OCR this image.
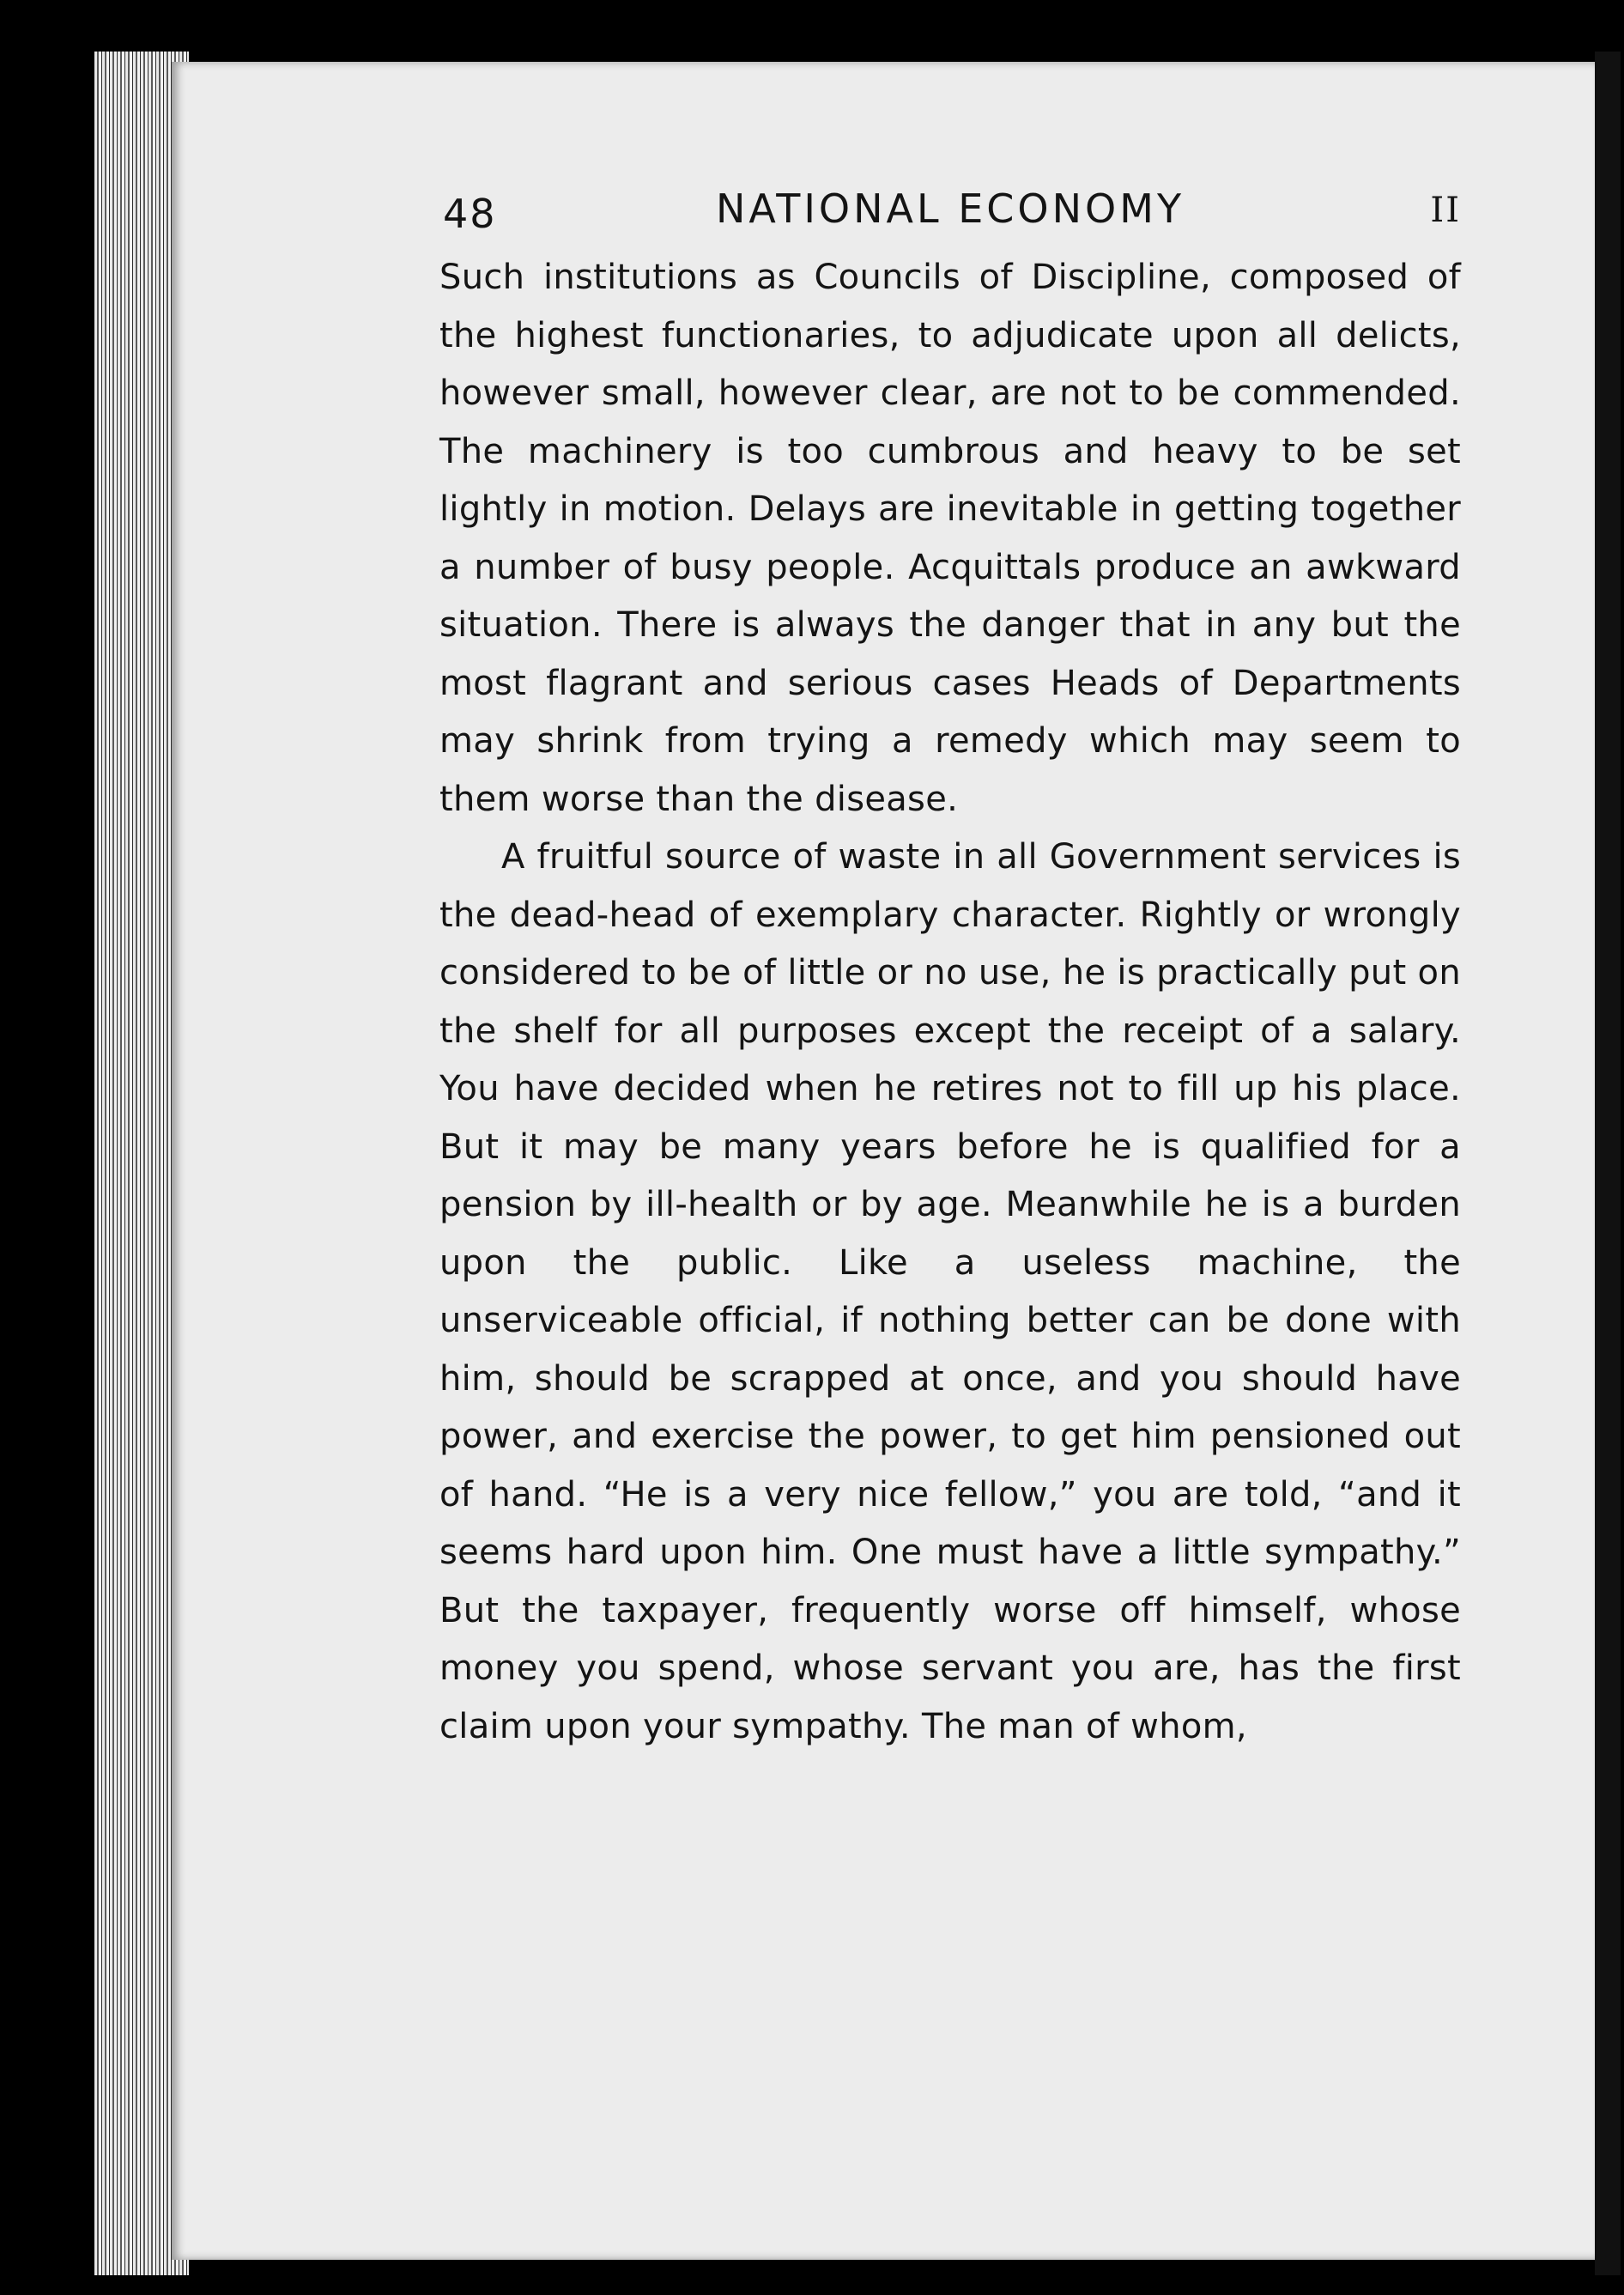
48	NATIONAL ECONOMY	II

Such institutions as Councils of Discipline, composed of the highest functionaries, to adjudicate upon all delicts, however small, however clear, are not to be commended. The machinery is too cumbrous and heavy to be set lightly in motion. Delays are inevitable in getting together a number of busy people. Acquittals produce an awkward situation. There is always the danger that in any but the most flagrant and serious cases Heads of Departments may shrink from trying a remedy which may seem to them worse than the disease.

A fruitful source of waste in all Government services is the dead-head of exemplary character. Rightly or wrongly considered to be of little or no use, he is practically put on the shelf for all purposes except the receipt of a salary. You have decided when he retires not to fill up his place. But it may be many years before he is qualified for a pension by ill-health or by age. Meanwhile he is a burden upon the public. Like a useless machine, the unserviceable official, if nothing better can be done with him, should be scrapped at once, and you should have power, and exercise the power, to get him pensioned out of hand. “He is a very nice fellow,” you are told, “and it seems hard upon him. One must have a little sympathy.” But the taxpayer, frequently worse off himself, whose money you spend, whose servant you are, has the first claim upon your sympathy. The man of whom,
